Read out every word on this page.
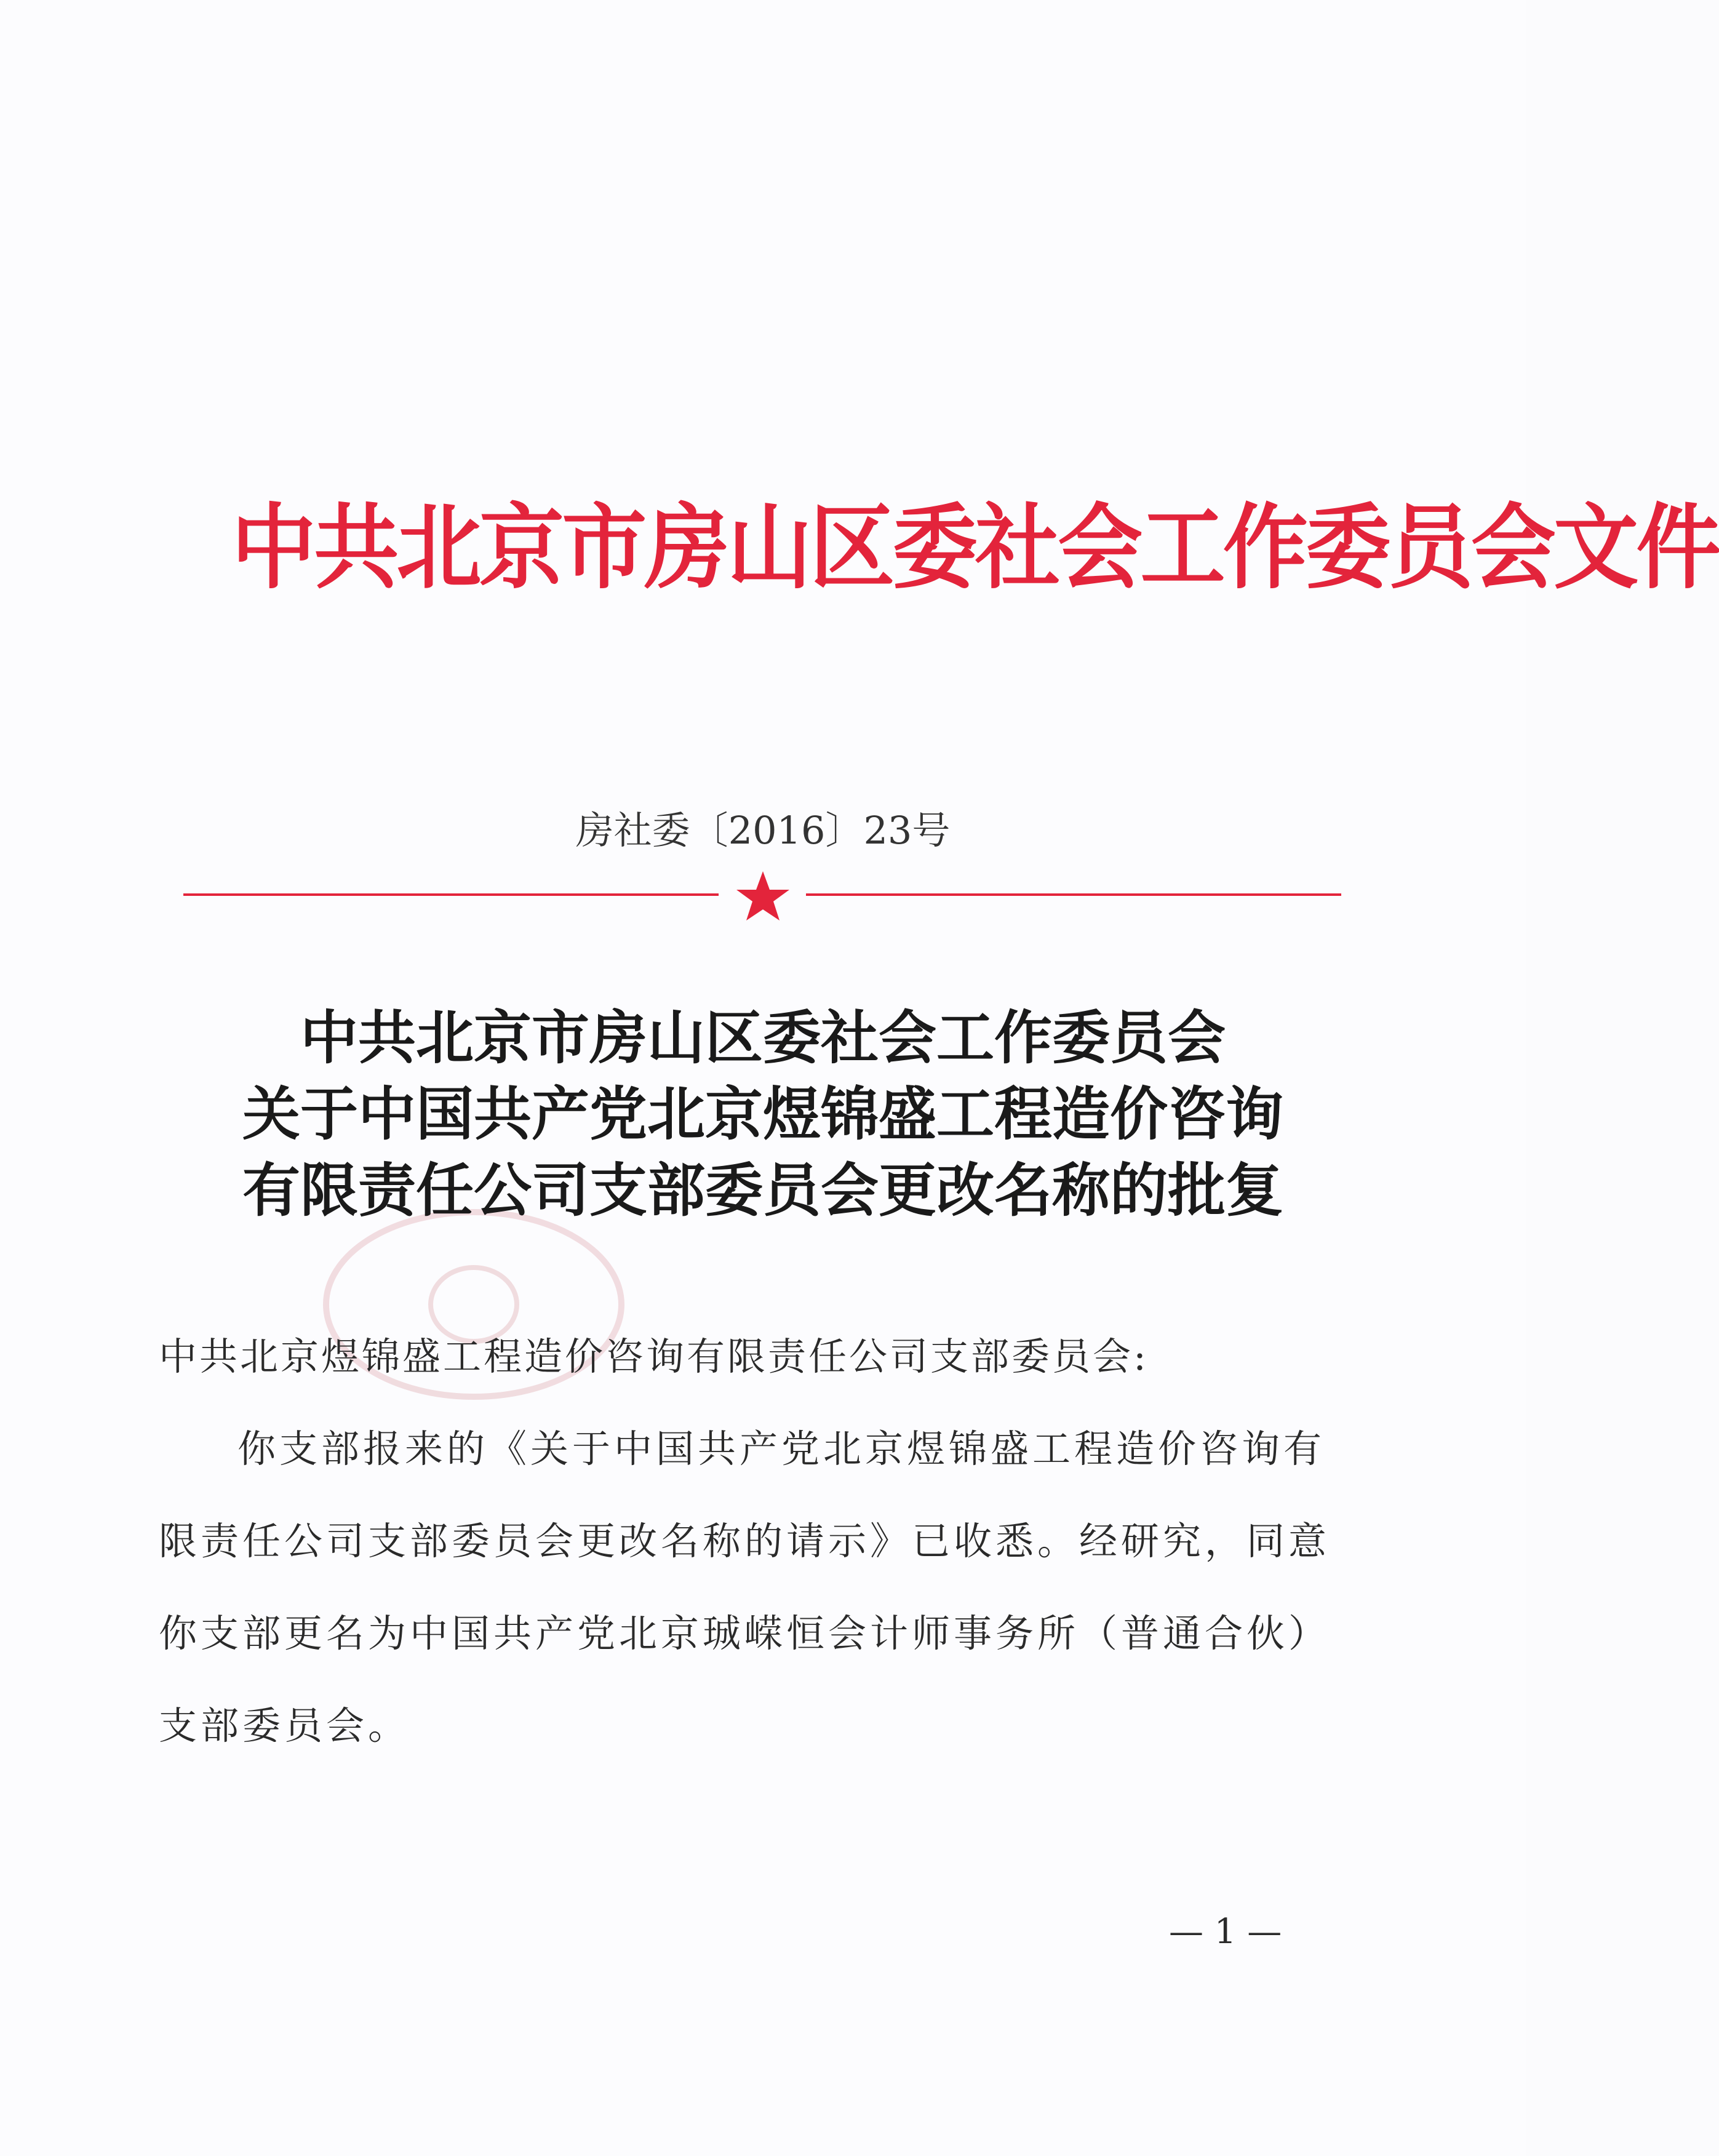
中共北京市房山区委社会工作委员会文件
房社委〔2016〕23号
中共北京市房山区委社会工作委员会
关于中国共产党北京煜锦盛工程造价咨询
有限责任公司支部委员会更改名称的批复
中共北京煜锦盛工程造价咨询有限责任公司支部委员会:
你支部报来的《关于中国共产党北京煜锦盛工程造价咨询有
限责任公司支部委员会更改名称的请示》已收悉。经研究，同意
你支部更名为中国共产党北京珹嵘恒会计师事务所（普通合伙）
支部委员会。
— 1 —
